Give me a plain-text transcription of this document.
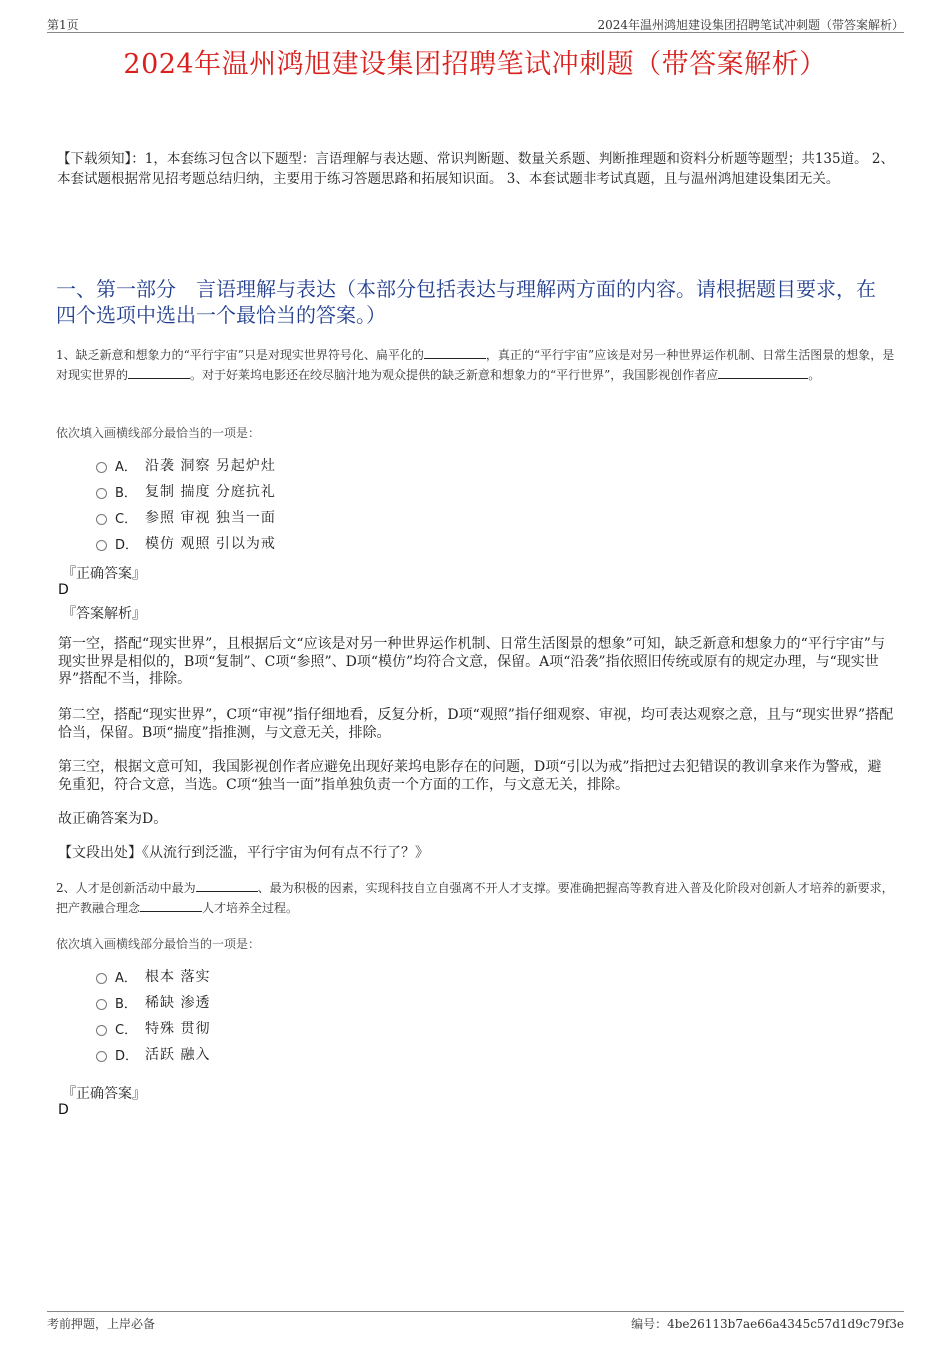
第1页	2024年温州鸿旭建设集团招聘笔试冲刺题（带答案解析）
2024年温州鸿旭建设集团招聘笔试冲刺题（带答案解析）
【下载须知】：1，本套练习包含以下题型：言语理解与表达题、常识判断题、数量关系题、判断推理题和资料分析题等题型；共135道。 2、本套试题根据常见招考题总结归纳，主要用于练习答题思路和拓展知识面。 3、本套试题非考试真题，且与温州鸿旭建设集团无关。
一、第一部分　言语理解与表达（本部分包括表达与理解两方面的内容。请根据题目要求，在四个选项中选出一个最恰当的答案。）
1、缺乏新意和想象力的“平行宇宙”只是对现实世界符号化、扁平化的	，真正的“平行宇宙”应该是对另一种世界运作机制、日常生活图景的想象，是对现实世界的	。对于好莱坞电影还在绞尽脑汁地为观众提供的缺乏新意和想象力的“平行世界”，我国影视创作者应	。
依次填入画横线部分最恰当的一项是：
A． 沿袭 洞察 另起炉灶
B． 复制 揣度 分庭抗礼
C． 参照 审视 独当一面
D． 模仿 观照 引以为戒
『正确答案』
D
『答案解析』
第一空，搭配“现实世界”，且根据后文“应该是对另一种世界运作机制、日常生活图景的想象”可知，缺乏新意和想象力的“平行宇宙”与现实世界是相似的，B项“复制”、C项“参照”、D项“模仿”均符合文意，保留。A项“沿袭”指依照旧传统或原有的规定办理，与“现实世界”搭配不当，排除。
第二空，搭配“现实世界”，C项“审视”指仔细地看，反复分析，D项“观照”指仔细观察、审视，均可表达观察之意，且与“现实世界”搭配恰当，保留。B项“揣度”指推测，与文意无关，排除。
第三空，根据文意可知，我国影视创作者应避免出现好莱坞电影存在的问题，D项“引以为戒”指把过去犯错误的教训拿来作为警戒，避免重犯，符合文意，当选。C项“独当一面”指单独负责一个方面的工作，与文意无关，排除。
故正确答案为D。
【文段出处】《从流行到泛滥，平行宇宙为何有点不行了？》
2、人才是创新活动中最为	、最为积极的因素，实现科技自立自强离不开人才支撑。要准确把握高等教育进入普及化阶段对创新人才培养的新要求，把产教融合理念	人才培养全过程。
依次填入画横线部分最恰当的一项是：
A． 根本 落实
B． 稀缺 渗透
C． 特殊 贯彻
D． 活跃 融入
『正确答案』
D
考前押题，上岸必备	编号：4be26113b7ae66a4345c57d1d9c79f3e
